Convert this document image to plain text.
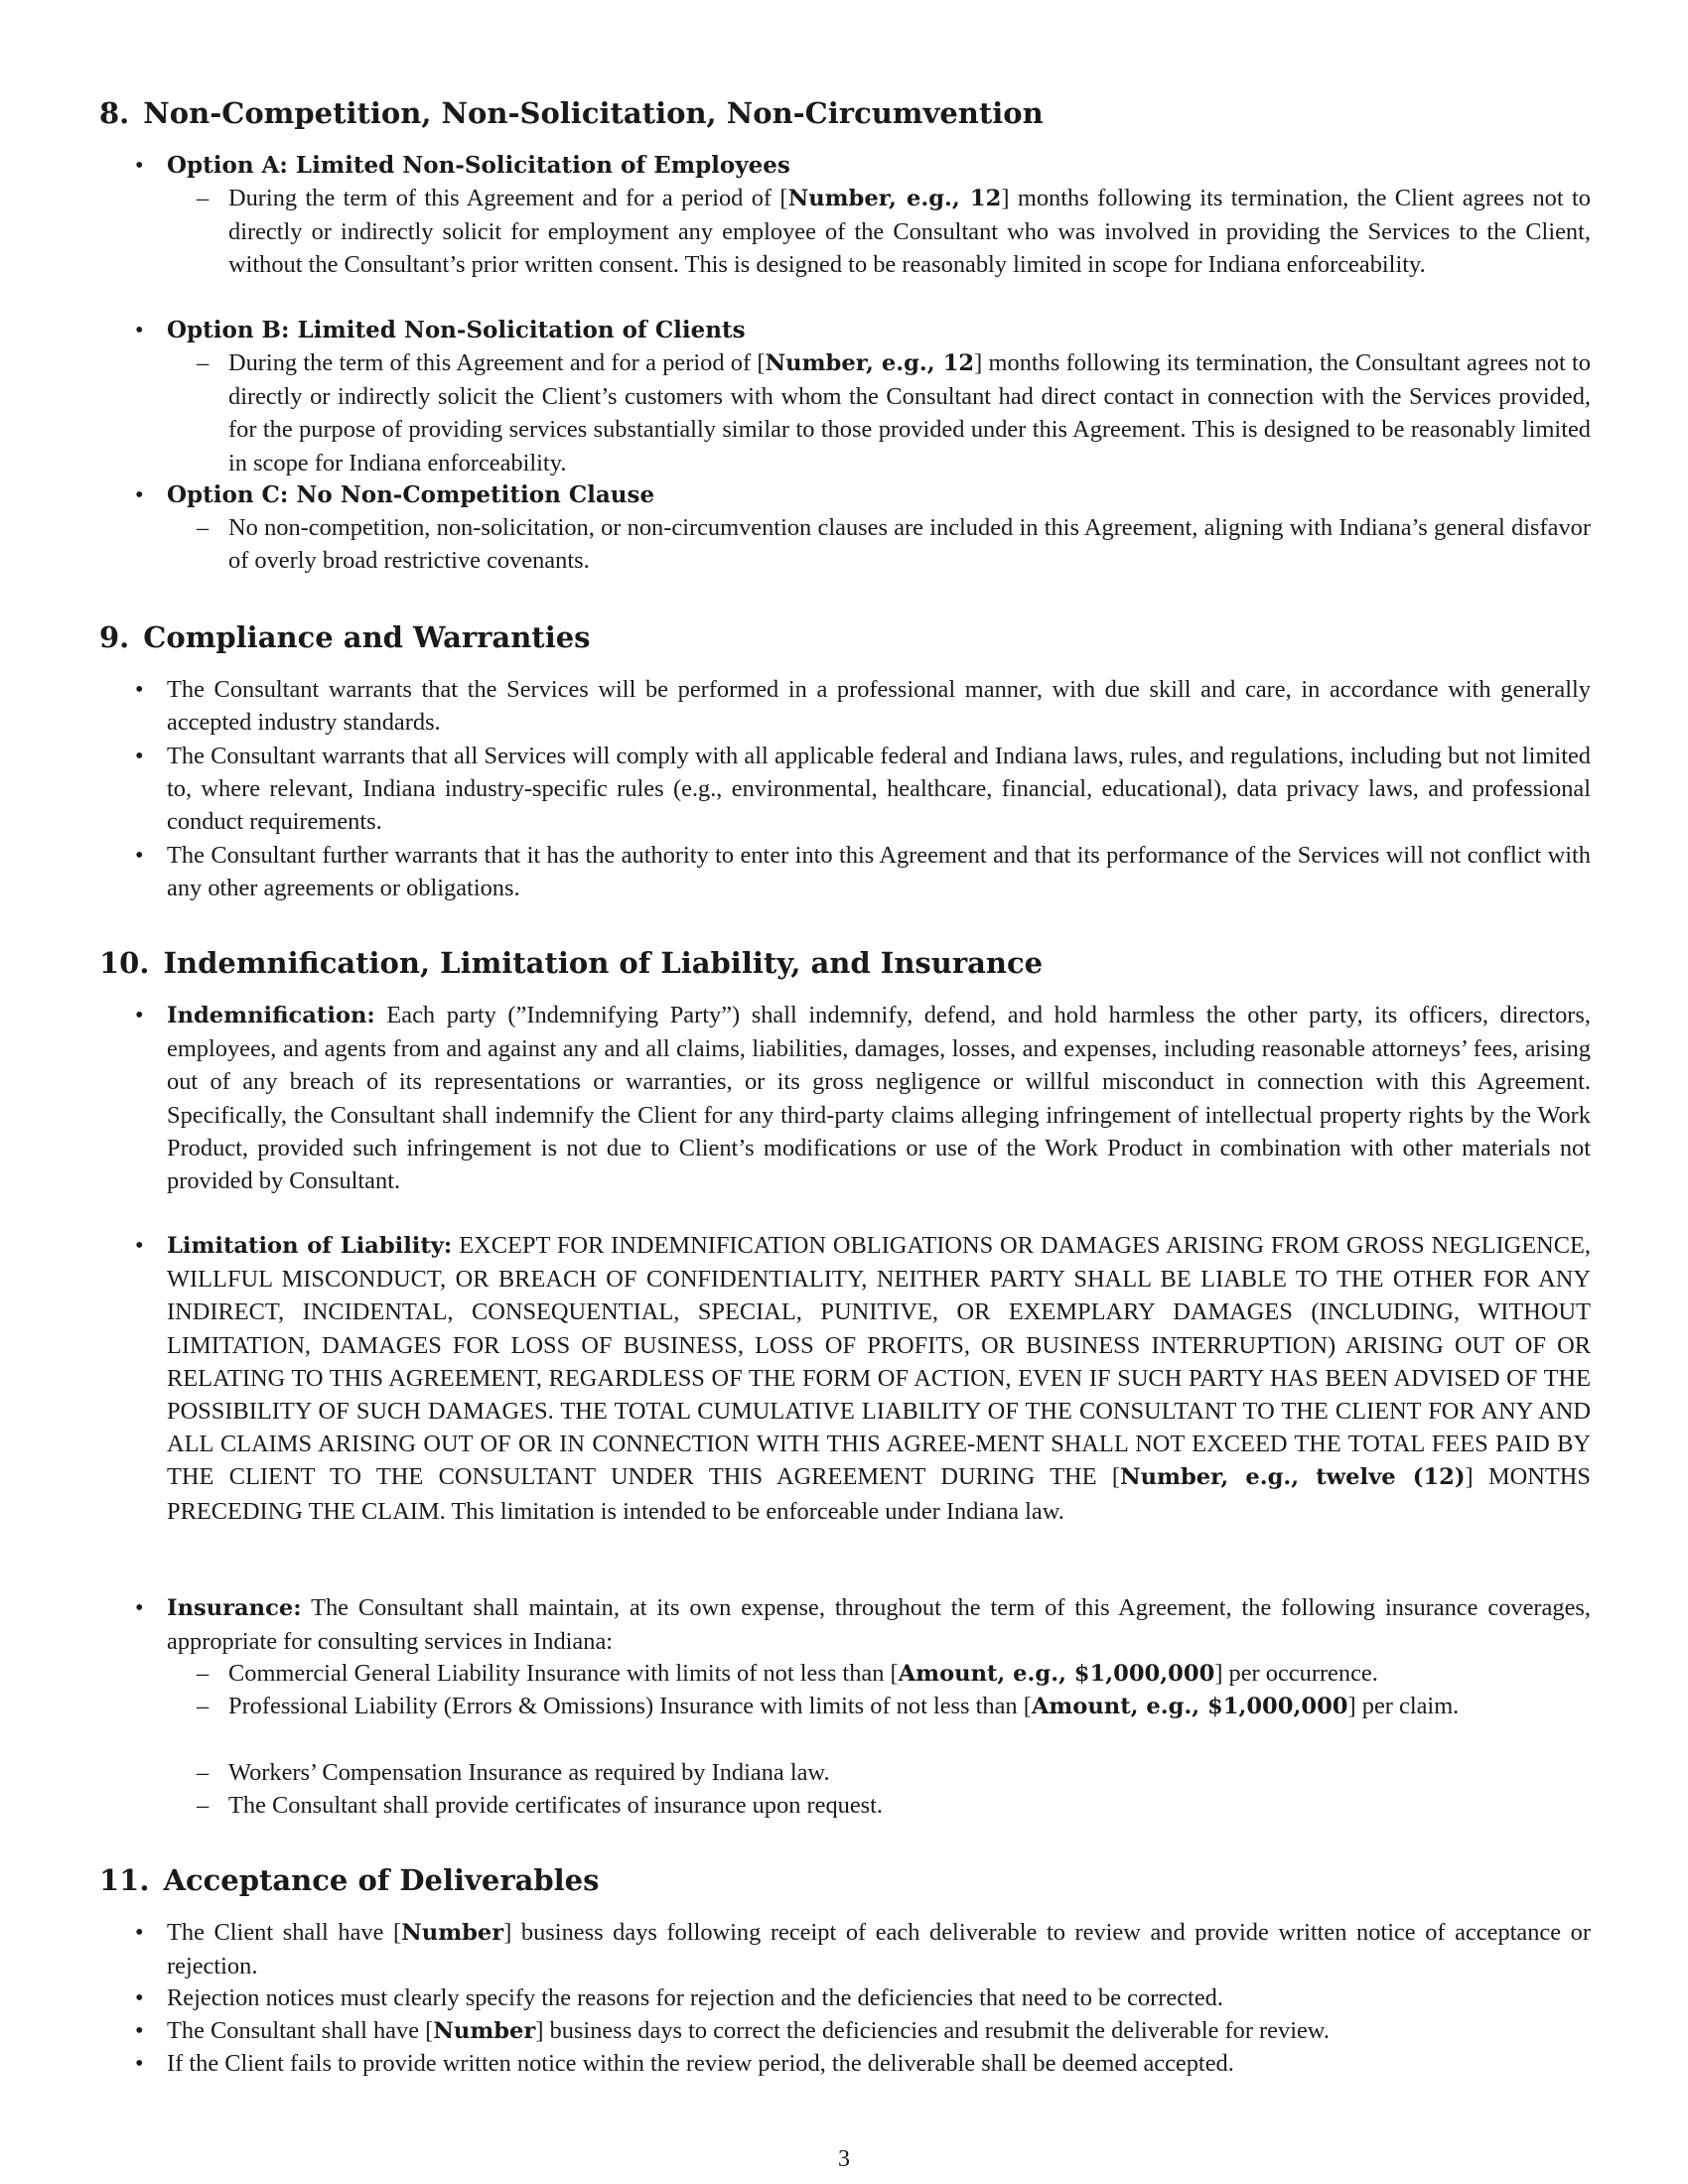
8. Non-Competition, Non-Solicitation, Non-Circumvention
• Option A: Limited Non-Solicitation of Employees
– During the term of this Agreement and for a period of [Number, e.g., 12] months following its termination, the Client agrees not to directly or indirectly solicit for employment any employee of the Consultant who was involved in providing the Services to the Client, without the Consultant’s prior written consent. This is designed to be reasonably limited in scope for Indiana enforceability.
• Option B: Limited Non-Solicitation of Clients
– During the term of this Agreement and for a period of [Number, e.g., 12] months following its termination, the Consultant agrees not to directly or indirectly solicit the Client’s customers with whom the Consultant had direct contact in connection with the Services provided, for the purpose of providing services substantially similar to those provided under this Agreement. This is designed to be reasonably limited in scope for Indiana enforceability.
• Option C: No Non-Competition Clause
– No non-competition, non-solicitation, or non-circumvention clauses are included in this Agreement, aligning with Indiana’s general disfavor of overly broad restrictive covenants.
9. Compliance and Warranties
• The Consultant warrants that the Services will be performed in a professional manner, with due skill and care, in accordance with generally accepted industry standards.
• The Consultant warrants that all Services will comply with all applicable federal and Indiana laws, rules, and regulations, including but not limited to, where relevant, Indiana industry-specific rules (e.g., environmental, healthcare, financial, educational), data privacy laws, and professional conduct requirements.
• The Consultant further warrants that it has the authority to enter into this Agreement and that its performance of the Services will not conflict with any other agreements or obligations.
10. Indemnification, Limitation of Liability, and Insurance
• Indemnification: Each party (”Indemnifying Party”) shall indemnify, defend, and hold harmless the other party, its officers, directors, employees, and agents from and against any and all claims, liabilities, damages, losses, and expenses, including reasonable attorneys’ fees, arising out of any breach of its representations or warranties, or its gross negligence or willful misconduct in connection with this Agreement. Specifically, the Consultant shall indemnify the Client for any third-party claims alleging infringement of intellectual property rights by the Work Product, provided such infringement is not due to Client’s modifications or use of the Work Product in combination with other materials not provided by Consultant.
• Limitation of Liability: EXCEPT FOR INDEMNIFICATION OBLIGATIONS OR DAMAGES ARISING FROM GROSS NEGLIGENCE, WILLFUL MISCONDUCT, OR BREACH OF CONFIDENTIALITY, NEITHER PARTY SHALL BE LIABLE TO THE OTHER FOR ANY INDIRECT, INCIDENTAL, CONSEQUENTIAL, SPECIAL, PUNITIVE, OR EXEMPLARY DAMAGES (INCLUDING, WITHOUT LIMITATION, DAMAGES FOR LOSS OF BUSINESS, LOSS OF PROFITS, OR BUSINESS INTERRUPTION) ARISING OUT OF OR RELATING TO THIS AGREEMENT, REGARDLESS OF THE FORM OF ACTION, EVEN IF SUCH PARTY HAS BEEN ADVISED OF THE POSSIBILITY OF SUCH DAMAGES. THE TOTAL CUMULATIVE LIABILITY OF THE CONSULTANT TO THE CLIENT FOR ANY AND ALL CLAIMS ARISING OUT OF OR IN CONNECTION WITH THIS AGREE-MENT SHALL NOT EXCEED THE TOTAL FEES PAID BY THE CLIENT TO THE CONSULTANT UNDER THIS AGREEMENT DURING THE [Number, e.g., twelve (12)] MONTHS PRECEDING THE CLAIM. This limitation is intended to be enforceable under Indiana law.
• Insurance: The Consultant shall maintain, at its own expense, throughout the term of this Agreement, the following insurance coverages, appropriate for consulting services in Indiana:
– Commercial General Liability Insurance with limits of not less than [Amount, e.g., $1,000,000] per occurrence.
– Professional Liability (Errors & Omissions) Insurance with limits of not less than [Amount, e.g., $1,000,000] per claim.
– Workers’ Compensation Insurance as required by Indiana law.
– The Consultant shall provide certificates of insurance upon request.
11. Acceptance of Deliverables
• The Client shall have [Number] business days following receipt of each deliverable to review and provide written notice of acceptance or rejection.
• Rejection notices must clearly specify the reasons for rejection and the deficiencies that need to be corrected.
• The Consultant shall have [Number] business days to correct the deficiencies and resubmit the deliverable for review.
• If the Client fails to provide written notice within the review period, the deliverable shall be deemed accepted.
3
